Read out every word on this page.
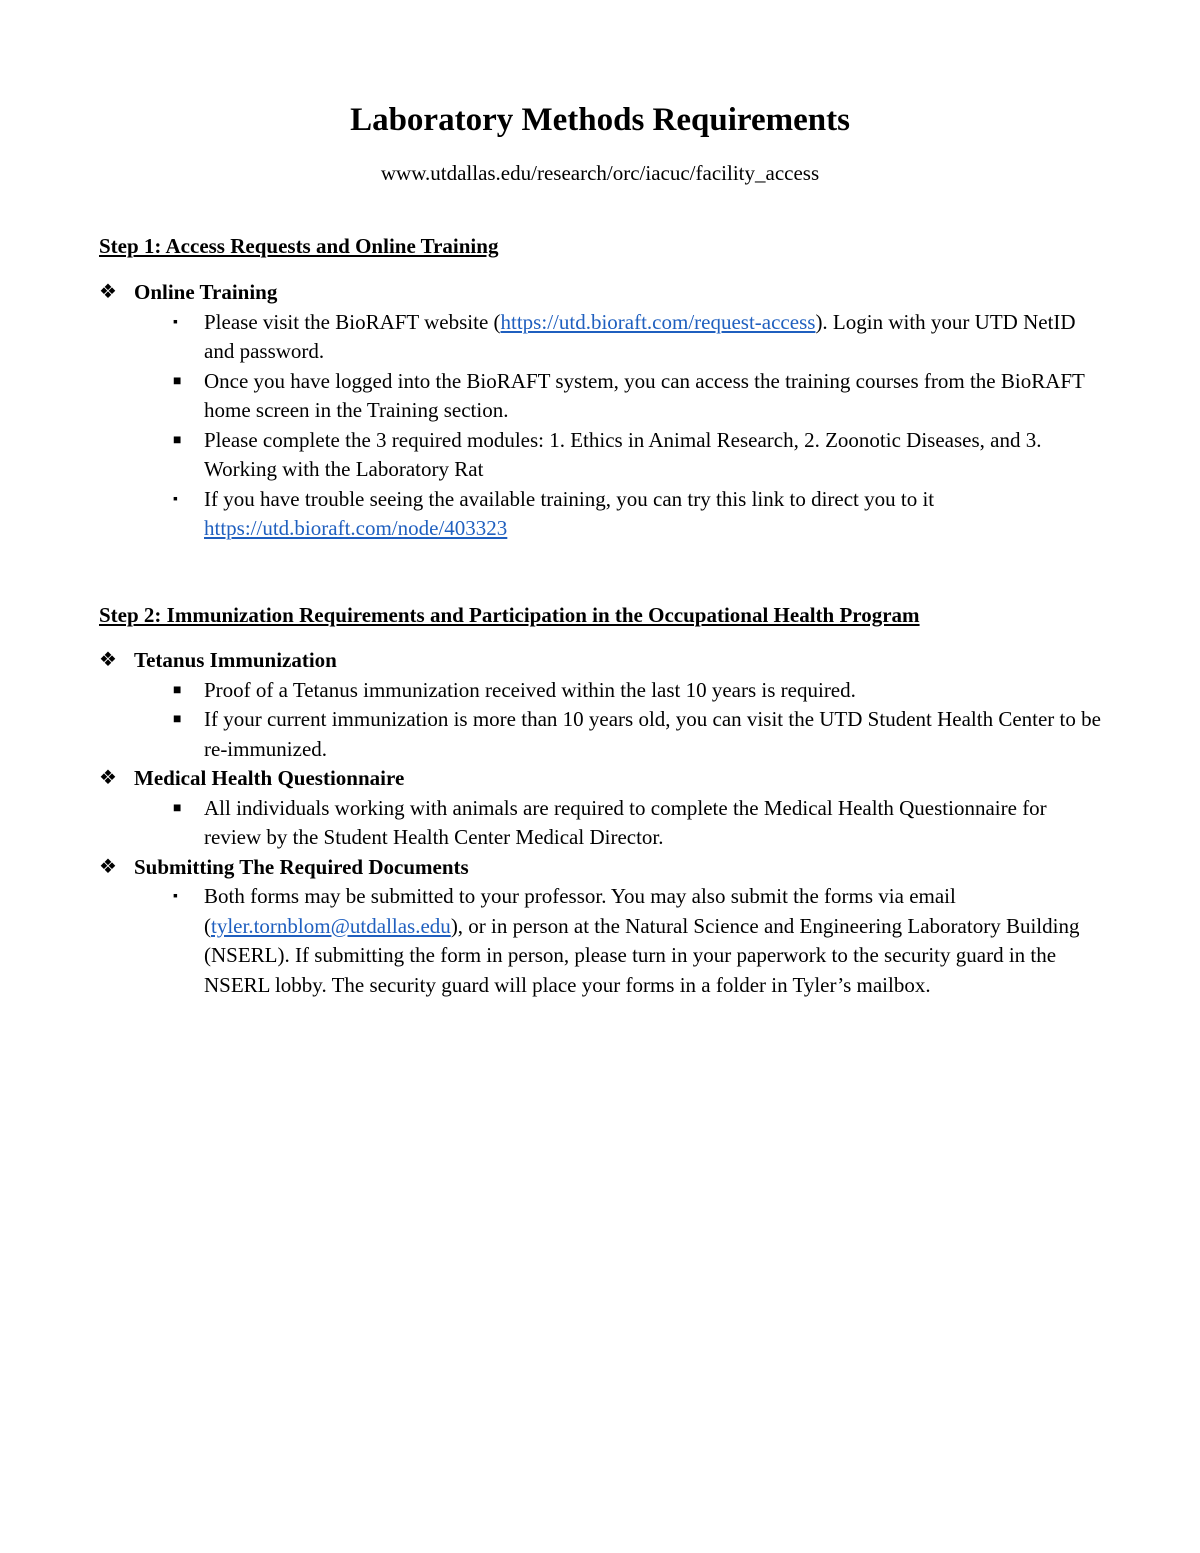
Laboratory Methods Requirements
www.utdallas.edu/research/orc/iacuc/facility_access
Step 1: Access Requests and Online Training
❖ Online Training
▪ Please visit the BioRAFT website (https://utd.bioraft.com/request-access). Login with your UTD NetID and password.
■ Once you have logged into the BioRAFT system, you can access the training courses from the BioRAFT home screen in the Training section.
■ Please complete the 3 required modules: 1. Ethics in Animal Research, 2. Zoonotic Diseases, and 3. Working with the Laboratory Rat
▪ If you have trouble seeing the available training, you can try this link to direct you to it
https://utd.bioraft.com/node/403323
Step 2: Immunization Requirements and Participation in the Occupational Health Program
❖ Tetanus Immunization
■ Proof of a Tetanus immunization received within the last 10 years is required.
■ If your current immunization is more than 10 years old, you can visit the UTD Student Health Center to be re-immunized.
❖ Medical Health Questionnaire
■ All individuals working with animals are required to complete the Medical Health Questionnaire for review by the Student Health Center Medical Director.
❖ Submitting The Required Documents
▪ Both forms may be submitted to your professor. You may also submit the forms via email (tyler.tornblom@utdallas.edu), or in person at the Natural Science and Engineering Laboratory Building (NSERL). If submitting the form in person, please turn in your paperwork to the security guard in the NSERL lobby. The security guard will place your forms in a folder in Tyler’s mailbox.
